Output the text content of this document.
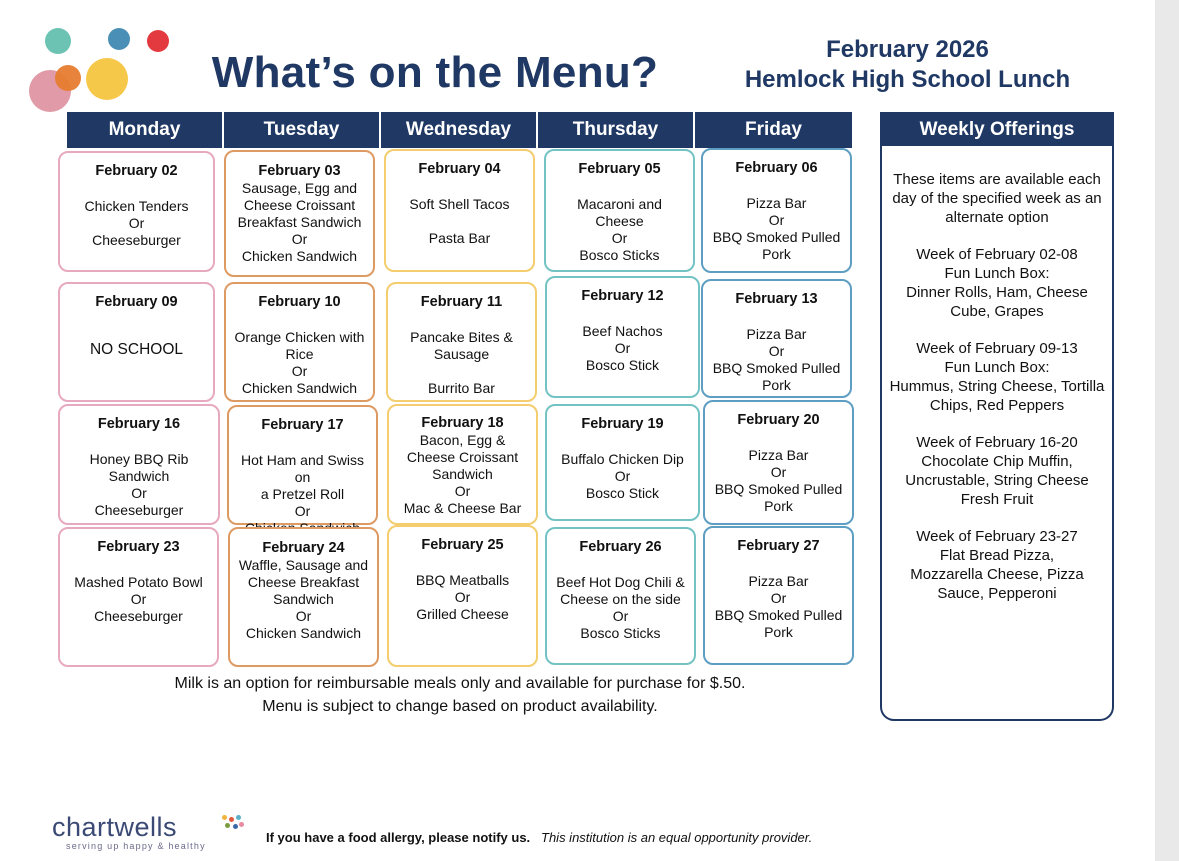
What’s on the Menu?	February 2026
Hemlock High School Lunch
Monday	Tuesday	Wednesday	Thursday	Friday
February 02
Chicken Tenders
Or
Cheeseburger
February 03
Sausage, Egg and
Cheese Croissant
Breakfast Sandwich
Or
Chicken Sandwich
February 04
Soft Shell Tacos

Pasta Bar
February 05
Macaroni and
Cheese
Or
Bosco Sticks
February 06
Pizza Bar
Or
BBQ Smoked Pulled
Pork
February 09
NO SCHOOL
February 10
Orange Chicken with
Rice
Or
Chicken Sandwich
February 11
Pancake Bites &
Sausage

Burrito Bar
February 12
Beef Nachos
Or
Bosco Stick
February 13
Pizza Bar
Or
BBQ Smoked Pulled
Pork
February 16
Honey BBQ Rib
Sandwich
Or
Cheeseburger
February 17
Hot Ham and Swiss on
a Pretzel Roll
Or

February 18
Bacon, Egg &
Cheese Croissant
Sandwich
Or
Mac & Cheese Bar
February 19
Buffalo Chicken Dip
Or
Bosco Stick
February 20
Pizza Bar
Or
BBQ Smoked Pulled
Pork
February 23
Mashed Potato Bowl
Or
Cheeseburger
February 24
Waffle, Sausage and
Cheese Breakfast
Sandwich
Or
Chicken Sandwich
February 25
BBQ Meatballs
Or
Grilled Cheese
February 26
Beef Hot Dog Chili &
Cheese on the side
Or
Bosco Sticks
February 27
Pizza Bar
Or
BBQ Smoked Pulled
Pork
Weekly Offerings
These items are available each day of the specified week as an alternate option
Week of February 02-08
Fun Lunch Box:
Dinner Rolls, Ham, Cheese Cube, Grapes
Week of February 09-13
Fun Lunch Box:
Hummus, String Cheese, Tortilla Chips, Red Peppers
Week of February 16-20
Chocolate Chip Muffin,
Uncrustable, String Cheese Fresh Fruit
Week of February 23-27
Flat Bread Pizza,
Mozzarella Cheese, Pizza Sauce, Pepperoni
Milk is an option for reimbursable meals only and available for purchase for $.50.
Menu is subject to change based on product availability.
chartwells
serving up happy & healthy
If you have a food allergy, please notify us. This institution is an equal opportunity provider.
